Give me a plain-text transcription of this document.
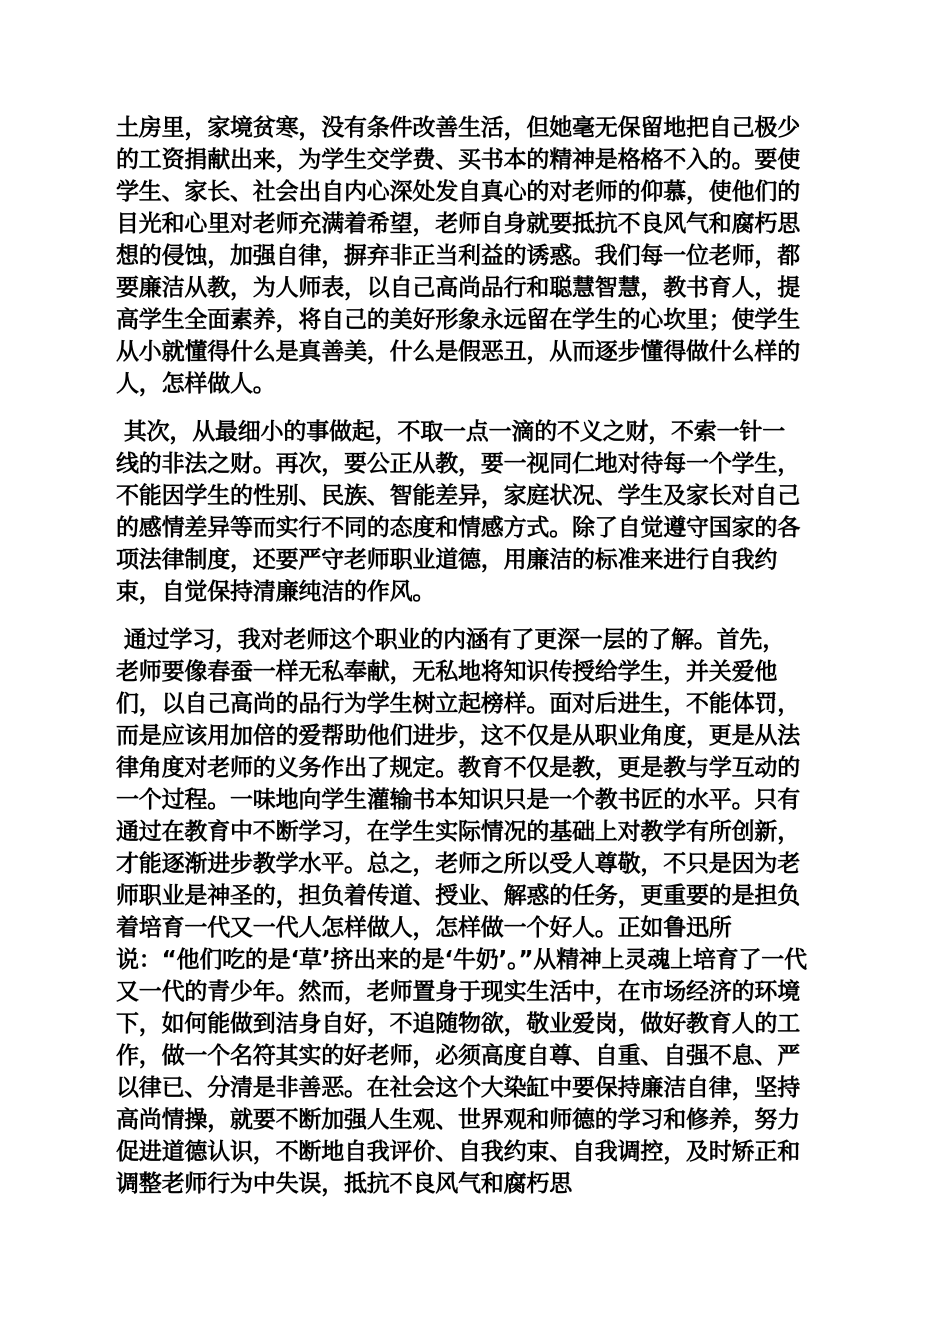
土房里，家境贫寒，没有条件改善生活，但她毫无保留地把自己极少
的工资捐献出来，为学生交学费、买书本的精神是格格不入的。要使
学生、家长、社会出自内心深处发自真心的对老师的仰慕，使他们的
目光和心里对老师充满着希望，老师自身就要抵抗不良风气和腐朽思
想的侵蚀，加强自律，摒弃非正当利益的诱惑。我们每一位老师，都
要廉洁从教，为人师表，以自己高尚品行和聪慧智慧，教书育人，提
高学生全面素养，将自己的美好形象永远留在学生的心坎里；使学生
从小就懂得什么是真善美，什么是假恶丑，从而逐步懂得做什么样的
人，怎样做人。
其次，从最细小的事做起，不取一点一滴的不义之财，不索一针一
线的非法之财。再次，要公正从教，要一视同仁地对待每一个学生，
不能因学生的性别、民族、智能差异，家庭状况、学生及家长对自己
的感情差异等而实行不同的态度和情感方式。除了自觉遵守国家的各
项法律制度，还要严守老师职业道德，用廉洁的标准来进行自我约
束，自觉保持清廉纯洁的作风。
通过学习，我对老师这个职业的内涵有了更深一层的了解。首先，
老师要像春蚕一样无私奉献，无私地将知识传授给学生，并关爱他
们，以自己高尚的品行为学生树立起榜样。面对后进生，不能体罚，
而是应该用加倍的爱帮助他们进步，这不仅是从职业角度，更是从法
律角度对老师的义务作出了规定。教育不仅是教，更是教与学互动的
一个过程。一味地向学生灌输书本知识只是一个教书匠的水平。只有
通过在教育中不断学习，在学生实际情况的基础上对教学有所创新，
才能逐渐进步教学水平。总之，老师之所以受人尊敬，不只是因为老
师职业是神圣的，担负着传道、授业、解惑的任务，更重要的是担负
着培育一代又一代人怎样做人，怎样做一个好人。正如鲁迅所
说：“他们吃的是‘草’挤出来的是‘牛奶’。”从精神上灵魂上培育了一代
又一代的青少年。然而，老师置身于现实生活中，在市场经济的环境
下，如何能做到洁身自好，不追随物欲，敬业爱岗，做好教育人的工
作，做一个名符其实的好老师，必须高度自尊、自重、自强不息、严
以律已、分清是非善恶。在社会这个大染缸中要保持廉洁自律，坚持
高尚情操，就要不断加强人生观、世界观和师德的学习和修养，努力
促进道德认识，不断地自我评价、自我约束、自我调控，及时矫正和
调整老师行为中失误，抵抗不良风气和腐朽思
